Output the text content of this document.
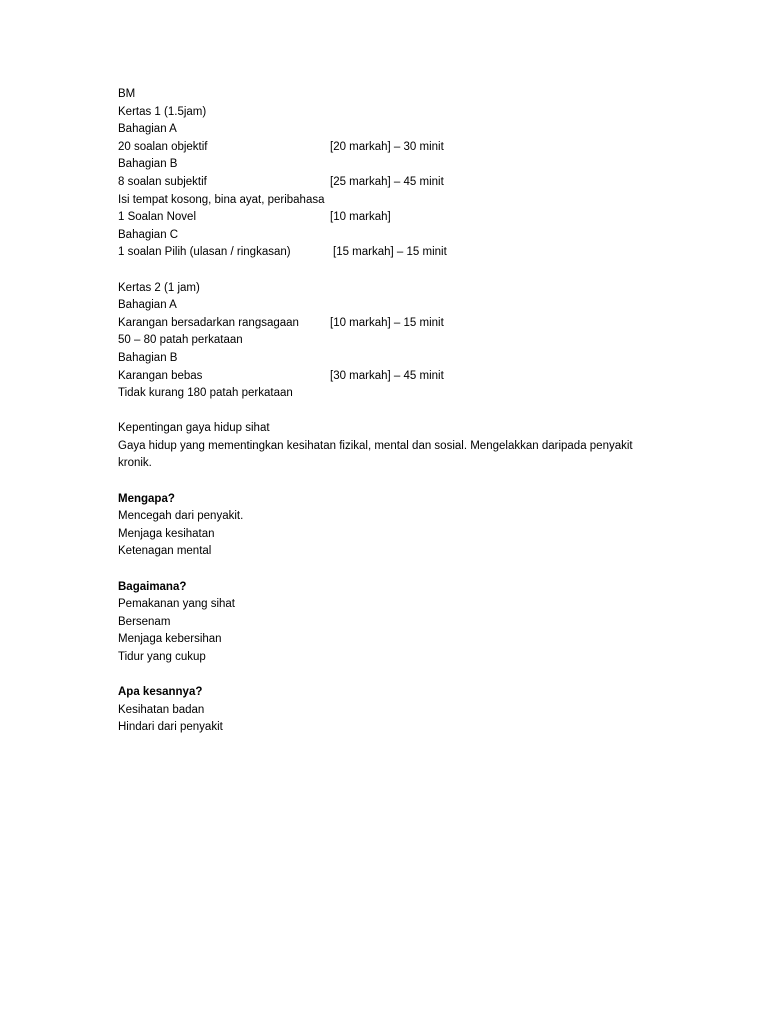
BM
Kertas 1 (1.5jam)
Bahagian A
20 soalan objektif	[20 markah] – 30 minit
Bahagian B
8 soalan subjektif	[25 markah] – 45 minit
Isi tempat kosong, bina ayat, peribahasa
1 Soalan Novel	[10 markah]
Bahagian C
1 soalan Pilih (ulasan / ringkasan)	[15 markah] – 15 minit
Kertas 2 (1 jam)
Bahagian A
Karangan bersadarkan rangsagaan	[10 markah] – 15 minit
50 – 80 patah perkataan
Bahagian B
Karangan bebas	[30 markah] – 45 minit
Tidak kurang 180 patah perkataan
Kepentingan gaya hidup sihat
Gaya hidup yang mementingkan kesihatan fizikal, mental dan sosial. Mengelakkan daripada penyakit kronik.
Mengapa?
Mencegah dari penyakit.
Menjaga kesihatan
Ketenagan mental
Bagaimana?
Pemakanan yang sihat
Bersenam
Menjaga kebersihan
Tidur yang cukup
Apa kesannya?
Kesihatan badan
Hindari dari penyakit
